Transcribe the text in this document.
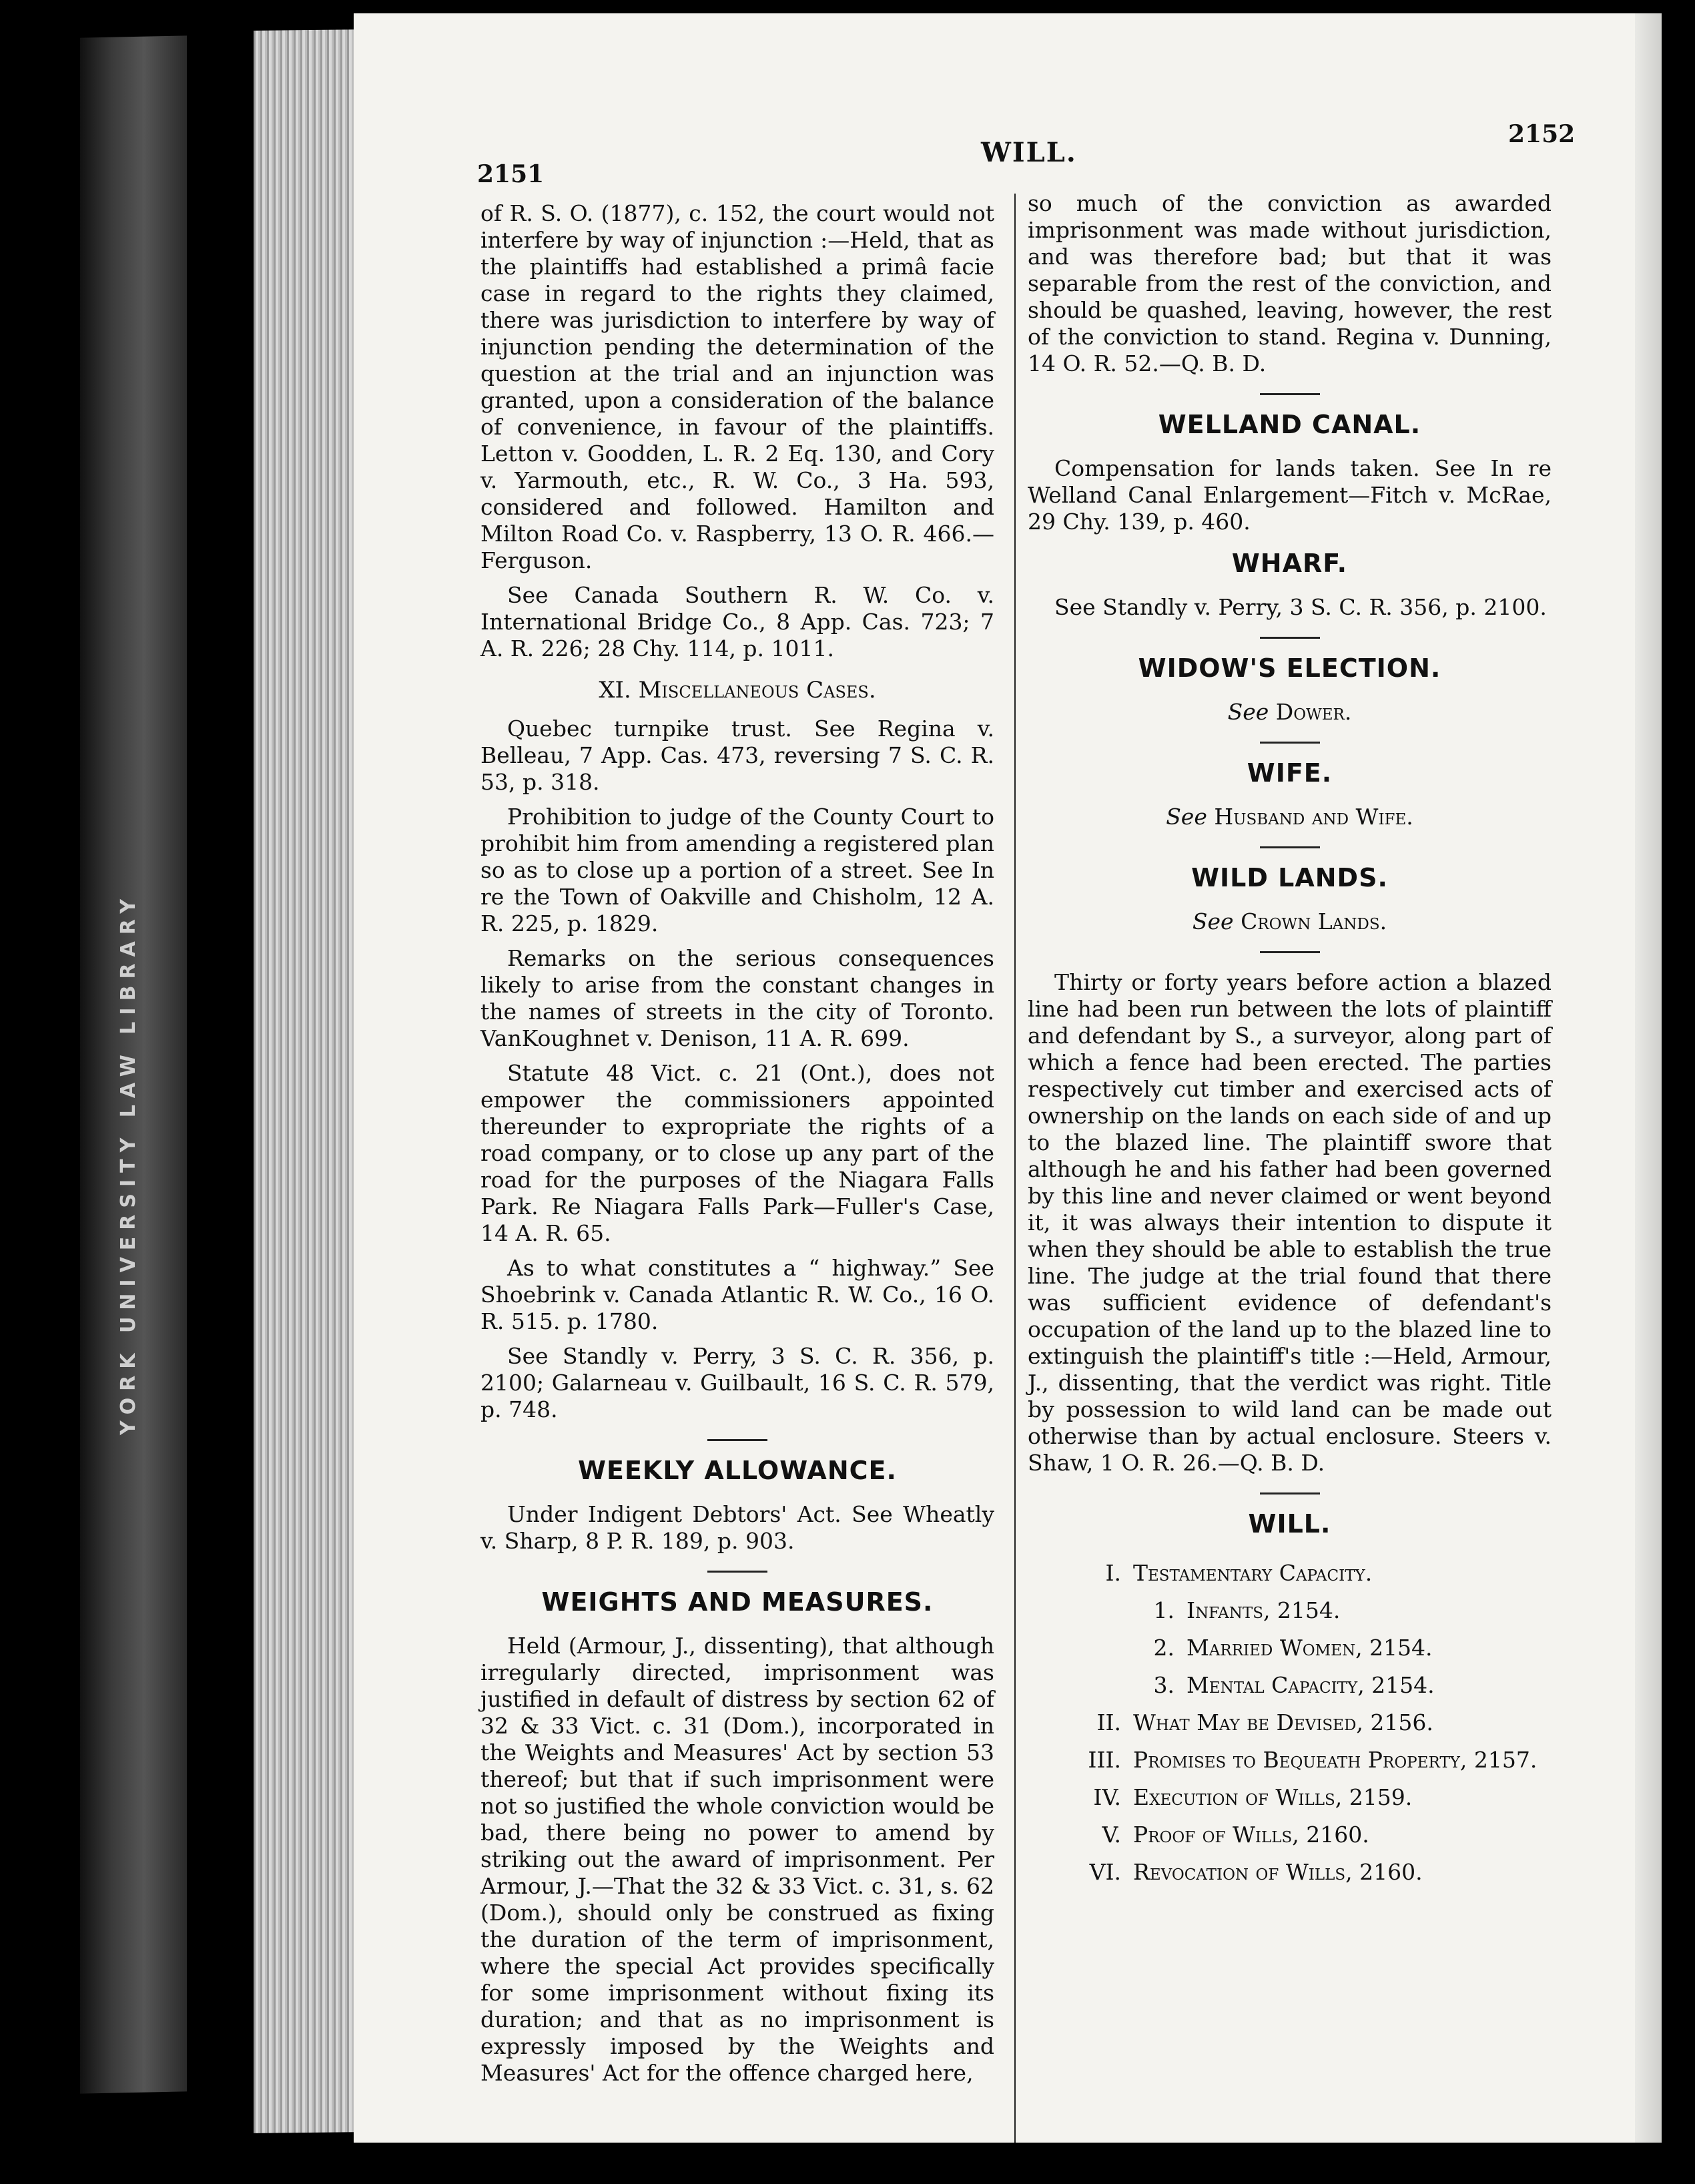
YORK UNIVERSITY LAW LIBRARY
2151
WILL.
2152

of R. S. O. (1877), c. 152, the court would not interfere by way of injunction :—Held, that as the plaintiffs had established a primâ facie case in regard to the rights they claimed, there was jurisdiction to interfere by way of injunction pending the determination of the question at the trial and an injunction was granted, upon a consideration of the balance of convenience, in favour of the plaintiffs. Letton v. Goodden, L. R. 2 Eq. 130, and Cory v. Yarmouth, etc., R. W. Co., 3 Ha. 593, considered and followed. Hamilton and Milton Road Co. v. Raspberry, 13 O. R. 466.—Ferguson.

See Canada Southern R. W. Co. v. International Bridge Co., 8 App. Cas. 723; 7 A. R. 226; 28 Chy. 114, p. 1011.

XI. Miscellaneous Cases.

Quebec turnpike trust. See Regina v. Belleau, 7 App. Cas. 473, reversing 7 S. C. R. 53, p. 318.

Prohibition to judge of the County Court to prohibit him from amending a registered plan so as to close up a portion of a street. See In re the Town of Oakville and Chisholm, 12 A. R. 225, p. 1829.

Remarks on the serious consequences likely to arise from the constant changes in the names of streets in the city of Toronto. VanKoughnet v. Denison, 11 A. R. 699.

Statute 48 Vict. c. 21 (Ont.), does not empower the commissioners appointed thereunder to expropriate the rights of a road company, or to close up any part of the road for the purposes of the Niagara Falls Park. Re Niagara Falls Park—Fuller's Case, 14 A. R. 65.

As to what constitutes a “ highway.” See Shoebrink v. Canada Atlantic R. W. Co., 16 O. R. 515. p. 1780.

See Standly v. Perry, 3 S. C. R. 356, p. 2100; Galarneau v. Guilbault, 16 S. C. R. 579, p. 748.

WEEKLY ALLOWANCE.

Under Indigent Debtors' Act. See Wheatly v. Sharp, 8 P. R. 189, p. 903.

WEIGHTS AND MEASURES.

Held (Armour, J., dissenting), that although irregularly directed, imprisonment was justified in default of distress by section 62 of 32 & 33 Vict. c. 31 (Dom.), incorporated in the Weights and Measures' Act by section 53 thereof; but that if such imprisonment were not so justified the whole conviction would be bad, there being no power to amend by striking out the award of imprisonment. Per Armour, J.—That the 32 & 33 Vict. c. 31, s. 62 (Dom.), should only be construed as fixing the duration of the term of imprisonment, where the special Act provides specifically for some imprisonment without fixing its duration; and that as no imprisonment is expressly imposed by the Weights and Measures' Act for the offence charged here,

so much of the conviction as awarded imprisonment was made without jurisdiction, and was therefore bad; but that it was separable from the rest of the conviction, and should be quashed, leaving, however, the rest of the conviction to stand. Regina v. Dunning, 14 O. R. 52.—Q. B. D.

WELLAND CANAL.

Compensation for lands taken. See In re Welland Canal Enlargement—Fitch v. McRae, 29 Chy. 139, p. 460.

WHARF.

See Standly v. Perry, 3 S. C. R. 356, p. 2100.

WIDOW'S ELECTION.
See Dower.
WIFE.
See Husband and Wife.
WILD LANDS.
See Crown Lands.

Thirty or forty years before action a blazed line had been run between the lots of plaintiff and defendant by S., a surveyor, along part of which a fence had been erected. The parties respectively cut timber and exercised acts of ownership on the lands on each side of and up to the blazed line. The plaintiff swore that although he and his father had been governed by this line and never claimed or went beyond it, it was always their intention to dispute it when they should be able to establish the true line. The judge at the trial found that there was sufficient evidence of defendant's occupation of the land up to the blazed line to extinguish the plaintiff's title :—Held, Armour, J., dissenting, that the verdict was right. Title by possession to wild land can be made out otherwise than by actual enclosure. Steers v. Shaw, 1 O. R. 26.—Q. B. D.

WILL.
I. Testamentary Capacity.
1. Infants, 2154.
2. Married Women, 2154.
3. Mental Capacity, 2154.
II. What May be Devised, 2156.
III. Promises to Bequeath Property, 2157.
IV. Execution of Wills, 2159.
V. Proof of Wills, 2160.
VI. Revocation of Wills, 2160.
